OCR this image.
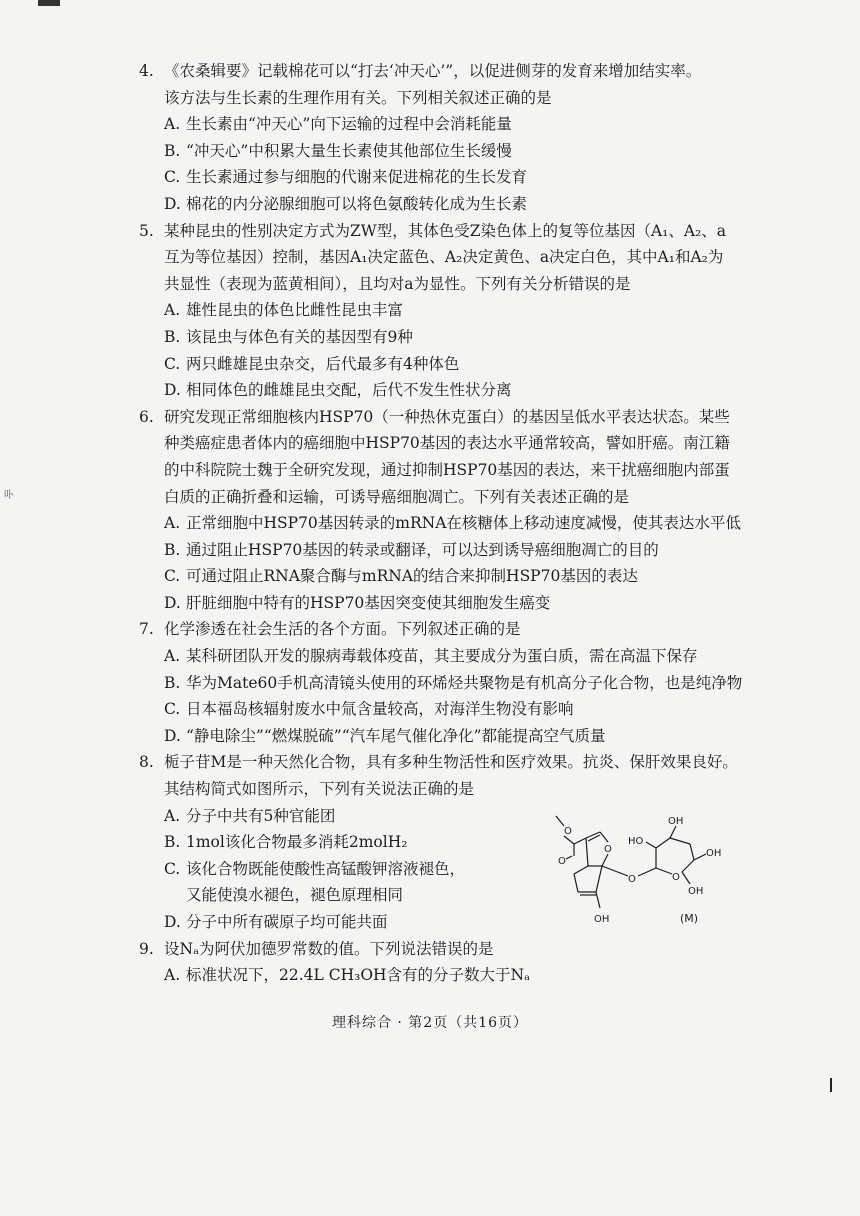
卟
4. 《农桑辑要》记载棉花可以“打去‘冲天心’”，以促进侧芽的发育来增加结实率。
该方法与生长素的生理作用有关。下列相关叙述正确的是
A. 生长素由“冲天心”向下运输的过程中会消耗能量
B. “冲天心”中积累大量生长素使其他部位生长缓慢
C. 生长素通过参与细胞的代谢来促进棉花的生长发育
D. 棉花的内分泌腺细胞可以将色氨酸转化成为生长素
5. 某种昆虫的性别决定方式为ZW型，其体色受Z染色体上的复等位基因（A₁、A₂、a
互为等位基因）控制，基因A₁决定蓝色、A₂决定黄色、a决定白色，其中A₁和A₂为
共显性（表现为蓝黄相间），且均对a为显性。下列有关分析错误的是
A. 雄性昆虫的体色比雌性昆虫丰富
B. 该昆虫与体色有关的基因型有9种
C. 两只雌雄昆虫杂交，后代最多有4种体色
D. 相同体色的雌雄昆虫交配，后代不发生性状分离
6. 研究发现正常细胞核内HSP70（一种热休克蛋白）的基因呈低水平表达状态。某些
种类癌症患者体内的癌细胞中HSP70基因的表达水平通常较高，譬如肝癌。南江籍
的中科院院士魏于全研究发现，通过抑制HSP70基因的表达，来干扰癌细胞内部蛋
白质的正确折叠和运输，可诱导癌细胞凋亡。下列有关表述正确的是
A. 正常细胞中HSP70基因转录的mRNA在核糖体上移动速度减慢，使其表达水平低
B. 通过阻止HSP70基因的转录或翻译，可以达到诱导癌细胞凋亡的目的
C. 可通过阻止RNA聚合酶与mRNA的结合来抑制HSP70基因的表达
D. 肝脏细胞中特有的HSP70基因突变使其细胞发生癌变
7. 化学渗透在社会生活的各个方面。下列叙述正确的是
A. 某科研团队开发的腺病毒载体疫苗，其主要成分为蛋白质，需在高温下保存
B. 华为Mate60手机高清镜头使用的环烯烃共聚物是有机高分子化合物，也是纯净物
C. 日本福岛核辐射废水中氚含量较高，对海洋生物没有影响
D. “静电除尘”“燃煤脱硫”“汽车尾气催化净化”都能提高空气质量
8. 栀子苷M是一种天然化合物，具有多种生物活性和医疗效果。抗炎、保肝效果良好。
其结构简式如图所示，下列有关说法正确的是
A. 分子中共有5种官能团
B. 1mol该化合物最多消耗2molH₂
C. 该化合物既能使酸性高锰酸钾溶液褪色，
又能使溴水褪色，褪色原理相同
D. 分子中所有碳原子均可能共面
9. 设Nₐ为阿伏加德罗常数的值。下列说法错误的是
A. 标准状况下，22.4L CH₃OH含有的分子数大于Nₐ
O
O
O
OH
O	O
HO
OH
OH
OH
(M)
理科综合 · 第2页（共16页）
